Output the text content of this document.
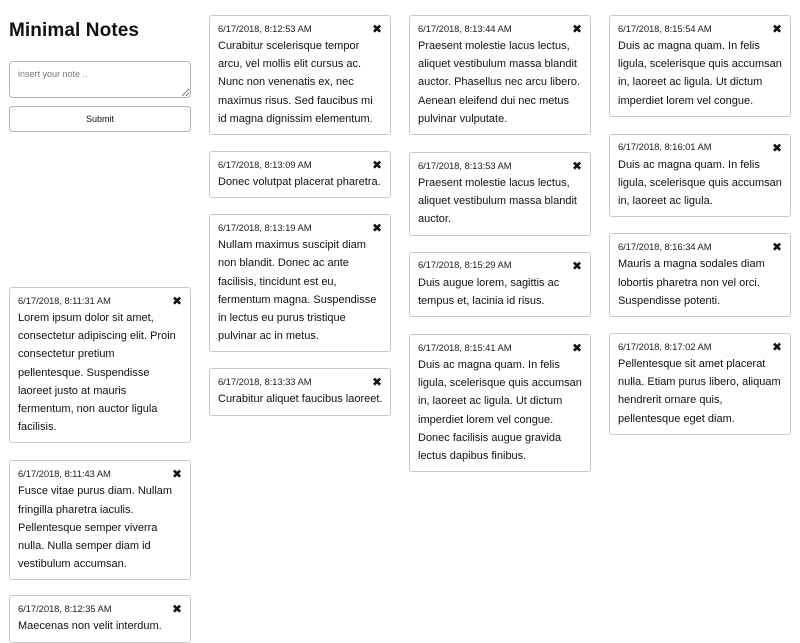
Minimal Notes
insert your note ..
Submit
6/17/2018, 8:11:31 AM	✖

Lorem ipsum dolor sit amet, consectetur adipiscing elit. Proin consectetur pretium pellentesque. Suspendisse laoreet justo at mauris fermentum, non auctor ligula facilisis.

6/17/2018, 8:11:43 AM	✖

Fusce vitae purus diam. Nullam fringilla pharetra iaculis. Pellentesque semper viverra nulla. Nulla semper diam id vestibulum accumsan.

6/17/2018, 8:12:35 AM	✖

Maecenas non velit interdum.

6/17/2018, 8:12:53 AM	✖

Curabitur scelerisque tempor arcu, vel mollis elit cursus ac. Nunc non venenatis ex, nec maximus risus. Sed faucibus mi id magna dignissim elementum.

6/17/2018, 8:13:09 AM	✖

Donec volutpat placerat pharetra.

6/17/2018, 8:13:19 AM	✖

Nullam maximus suscipit diam non blandit. Donec ac ante facilisis, tincidunt est eu, fermentum magna. Suspendisse in lectus eu purus tristique pulvinar ac in metus.

6/17/2018, 8:13:33 AM	✖

Curabitur aliquet faucibus laoreet.

6/17/2018, 8:13:44 AM	✖

Praesent molestie lacus lectus, aliquet vestibulum massa blandit auctor. Phasellus nec arcu libero. Aenean eleifend dui nec metus pulvinar vulputate.

6/17/2018, 8:13:53 AM	✖

Praesent molestie lacus lectus, aliquet vestibulum massa blandit auctor.

6/17/2018, 8:15:29 AM	✖

Duis augue lorem, sagittis ac tempus et, lacinia id risus.

6/17/2018, 8:15:41 AM	✖

Duis ac magna quam. In felis ligula, scelerisque quis accumsan in, laoreet ac ligula. Ut dictum imperdiet lorem vel congue. Donec facilisis augue gravida lectus dapibus finibus.

6/17/2018, 8:15:54 AM	✖

Duis ac magna quam. In felis ligula, scelerisque quis accumsan in, laoreet ac ligula. Ut dictum imperdiet lorem vel congue.

6/17/2018, 8:16:01 AM	✖

Duis ac magna quam. In felis ligula, scelerisque quis accumsan in, laoreet ac ligula.

6/17/2018, 8:16:34 AM	✖

Mauris a magna sodales diam lobortis pharetra non vel orci. Suspendisse potenti.

6/17/2018, 8:17:02 AM	✖

Pellentesque sit amet placerat nulla. Etiam purus libero, aliquam hendrerit ornare quis, pellentesque eget diam.
